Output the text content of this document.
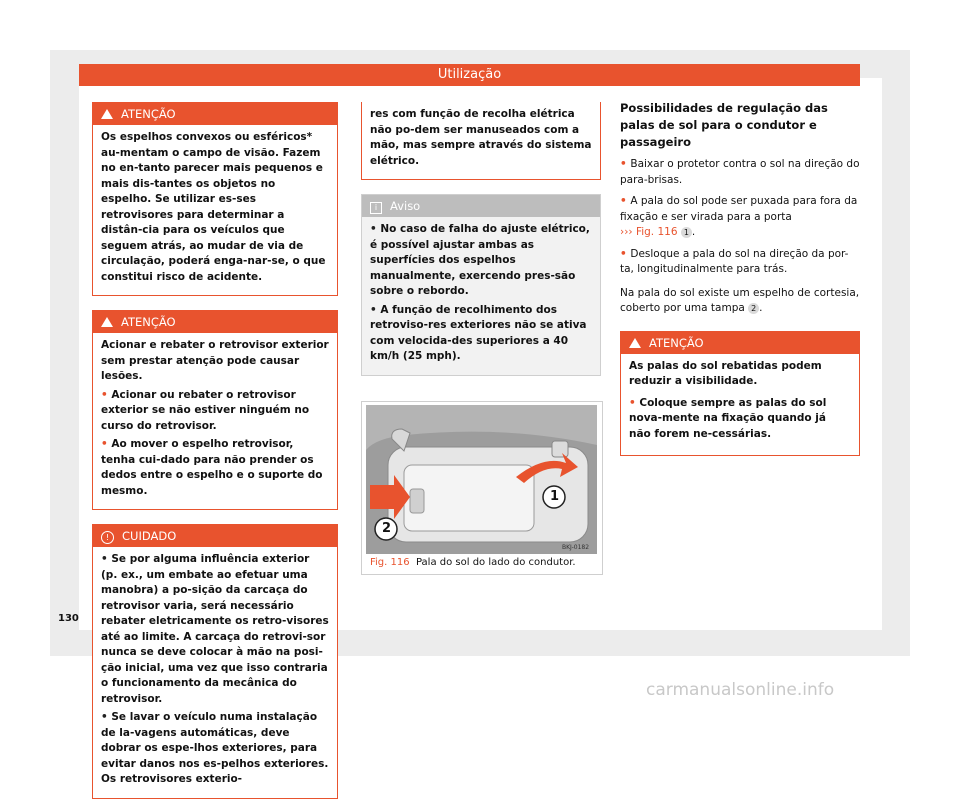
Utilização
ATENÇÃO

Os espelhos convexos ou esféricos* au-mentam o campo de visão. Fazem no en-tanto parecer mais pequenos e mais dis-tantes os objetos no espelho. Se utilizar es-ses retrovisores para determinar a distân-cia para os veículos que seguem atrás, ao mudar de via de circulação, poderá enga-nar-se, o que constitui risco de acidente.

ATENÇÃO

Acionar e rebater o retrovisor exterior sem prestar atenção pode causar lesões.

• Acionar ou rebater o retrovisor exterior se não estiver ninguém no curso do retrovisor.

• Ao mover o espelho retrovisor, tenha cui-dado para não prender os dedos entre o espelho e o suporte do mesmo.

! CUIDADO

• Se por alguma influência exterior (p. ex., um embate ao efetuar uma manobra) a po-sição da carcaça do retrovisor varia, será necessário rebater eletricamente os retro-visores até ao limite. A carcaça do retrovi-sor nunca se deve colocar à mão na posi-ção inicial, uma vez que isso contraria o funcionamento da mecânica do retrovisor.

• Se lavar o veículo numa instalação de la-vagens automáticas, deve dobrar os espe-lhos exteriores, para evitar danos nos es-pelhos exteriores. Os retrovisores exterio-

res com função de recolha elétrica não po-dem ser manuseados com a mão, mas sempre através do sistema elétrico.

i Aviso

• No caso de falha do ajuste elétrico, é possível ajustar ambas as superfícies dos espelhos manualmente, exercendo pres-são sobre o rebordo.

• A função de recolhimento dos retroviso-res exteriores não se ativa com velocida-des superiores a 40 km/h (25 mph).

1
2
BKJ-0182
Fig. 116 Pala do sol do lado do condutor.

Possibilidades de regulação das palas de sol para o condutor e passageiro

• Baixar o protetor contra o sol na direção do para-brisas.

• A pala do sol pode ser puxada para fora da fixação e ser virada para a porta
››› Fig. 116 1 .

• Desloque a pala do sol na direção da por-ta, longitudinalmente para trás.

Na pala do sol existe um espelho de cortesia, coberto por uma tampa 2 .

ATENÇÃO

As palas do sol rebatidas podem reduzir a visibilidade.

• Coloque sempre as palas do sol nova-mente na fixação quando já não forem ne-cessárias.

130
carmanualsonline.info
